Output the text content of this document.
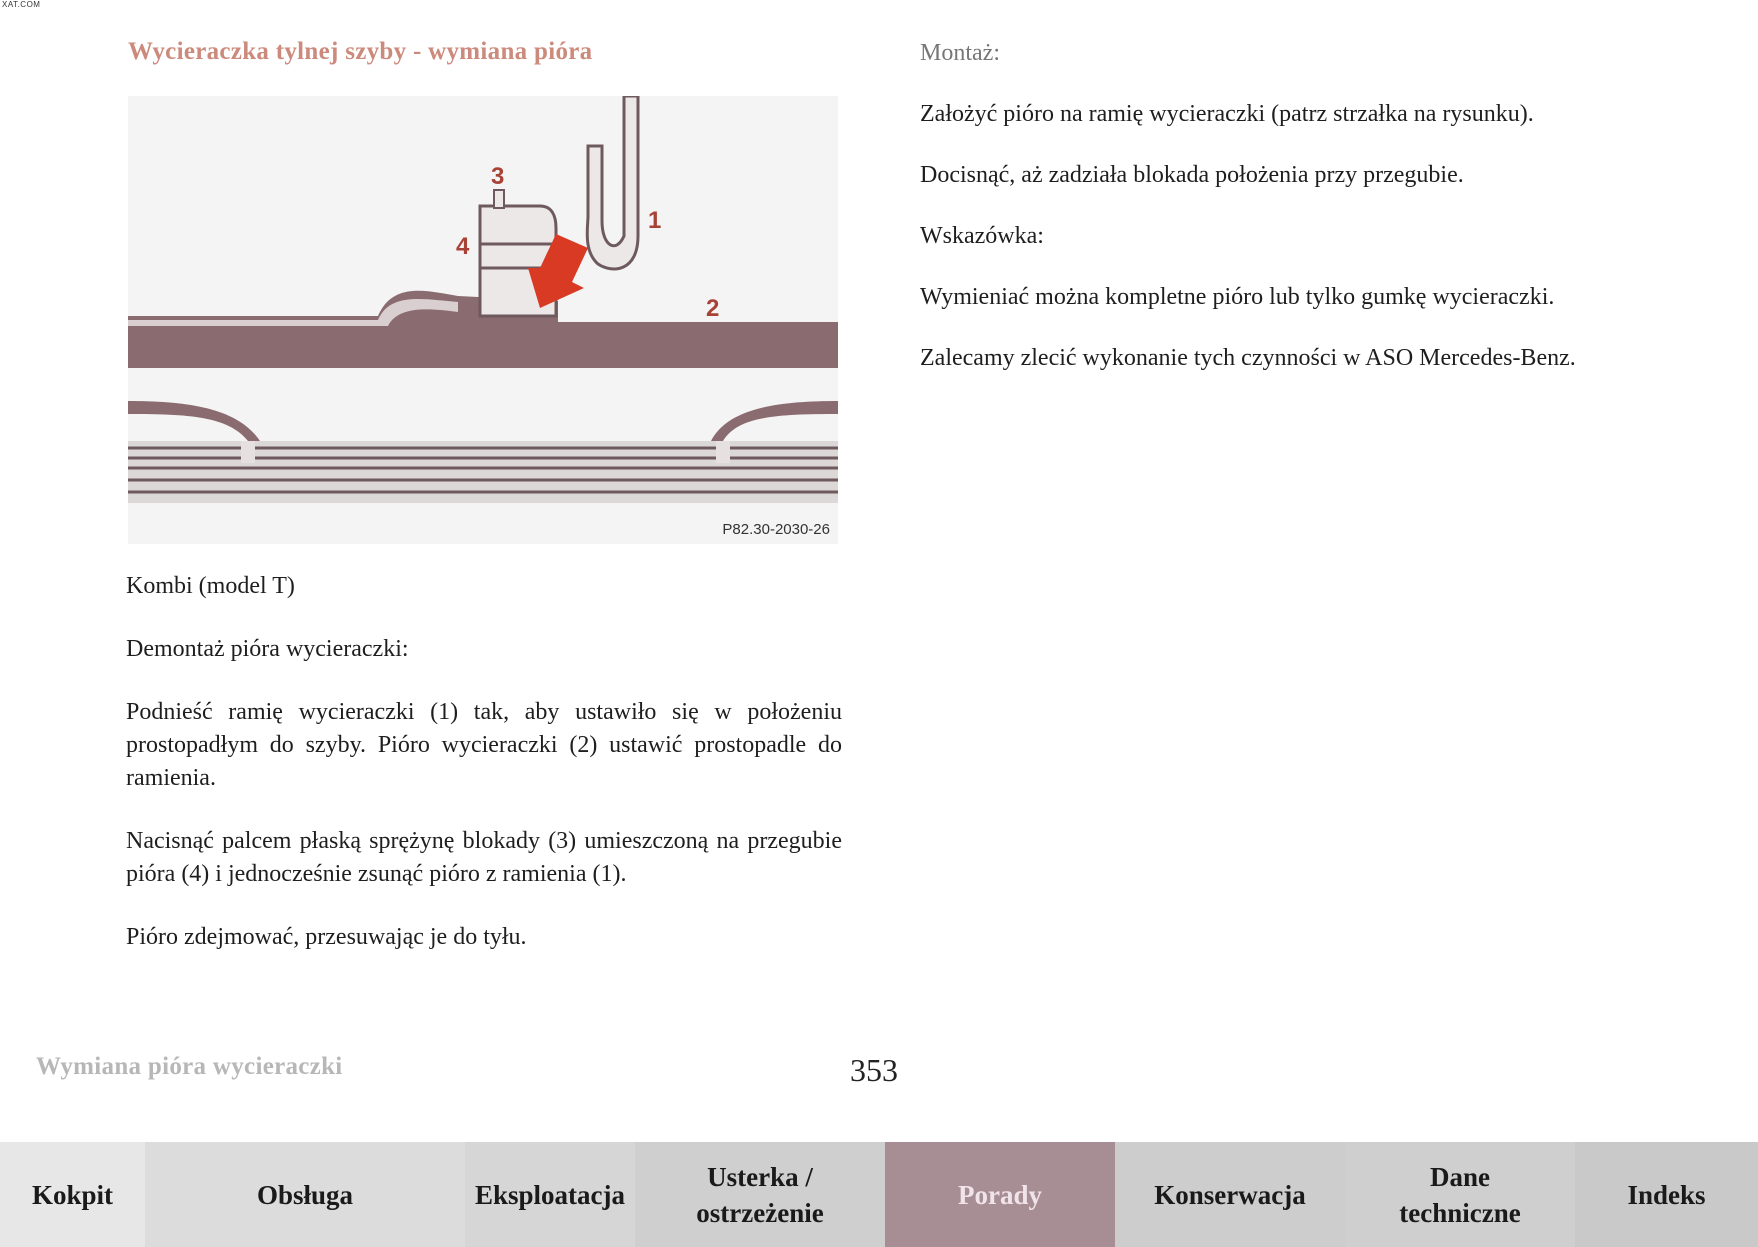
XAT.COM
Wycieraczka tylnej szyby - wymiana pióra
1
2
3
4
P82.30-2030-26

Kombi (model T)

Demontaż pióra wycieraczki:

Podnieść ramię wycieraczki (1) tak, aby ustawiło się w położeniu prostopadłym do szyby. Pióro wycieraczki (2) ustawić prostopadle do ramienia.

Nacisnąć palcem płaską sprężynę blokady (3) umieszczoną na przegubie pióra (4) i jednocześnie zsunąć pióro z ramienia (1).

Pióro zdejmować, przesuwając je do tyłu.

Montaż:

Założyć pióro na ramię wycieraczki (patrz strzałka na rysunku).

Docisnąć, aż zadziała blokada położenia przy przegubie.

Wskazówka:

Wymieniać można kompletne pióro lub tylko gumkę wycieraczki.

Zalecamy zlecić wykonanie tych czynności w ASO Mercedes-Benz.

Wymiana pióra wycieraczki	353
Kokpit	Obsługa	Eksploatacja
Usterka / ostrzeżenie
Porady	Konserwacja
Dane techniczne
Indeks
